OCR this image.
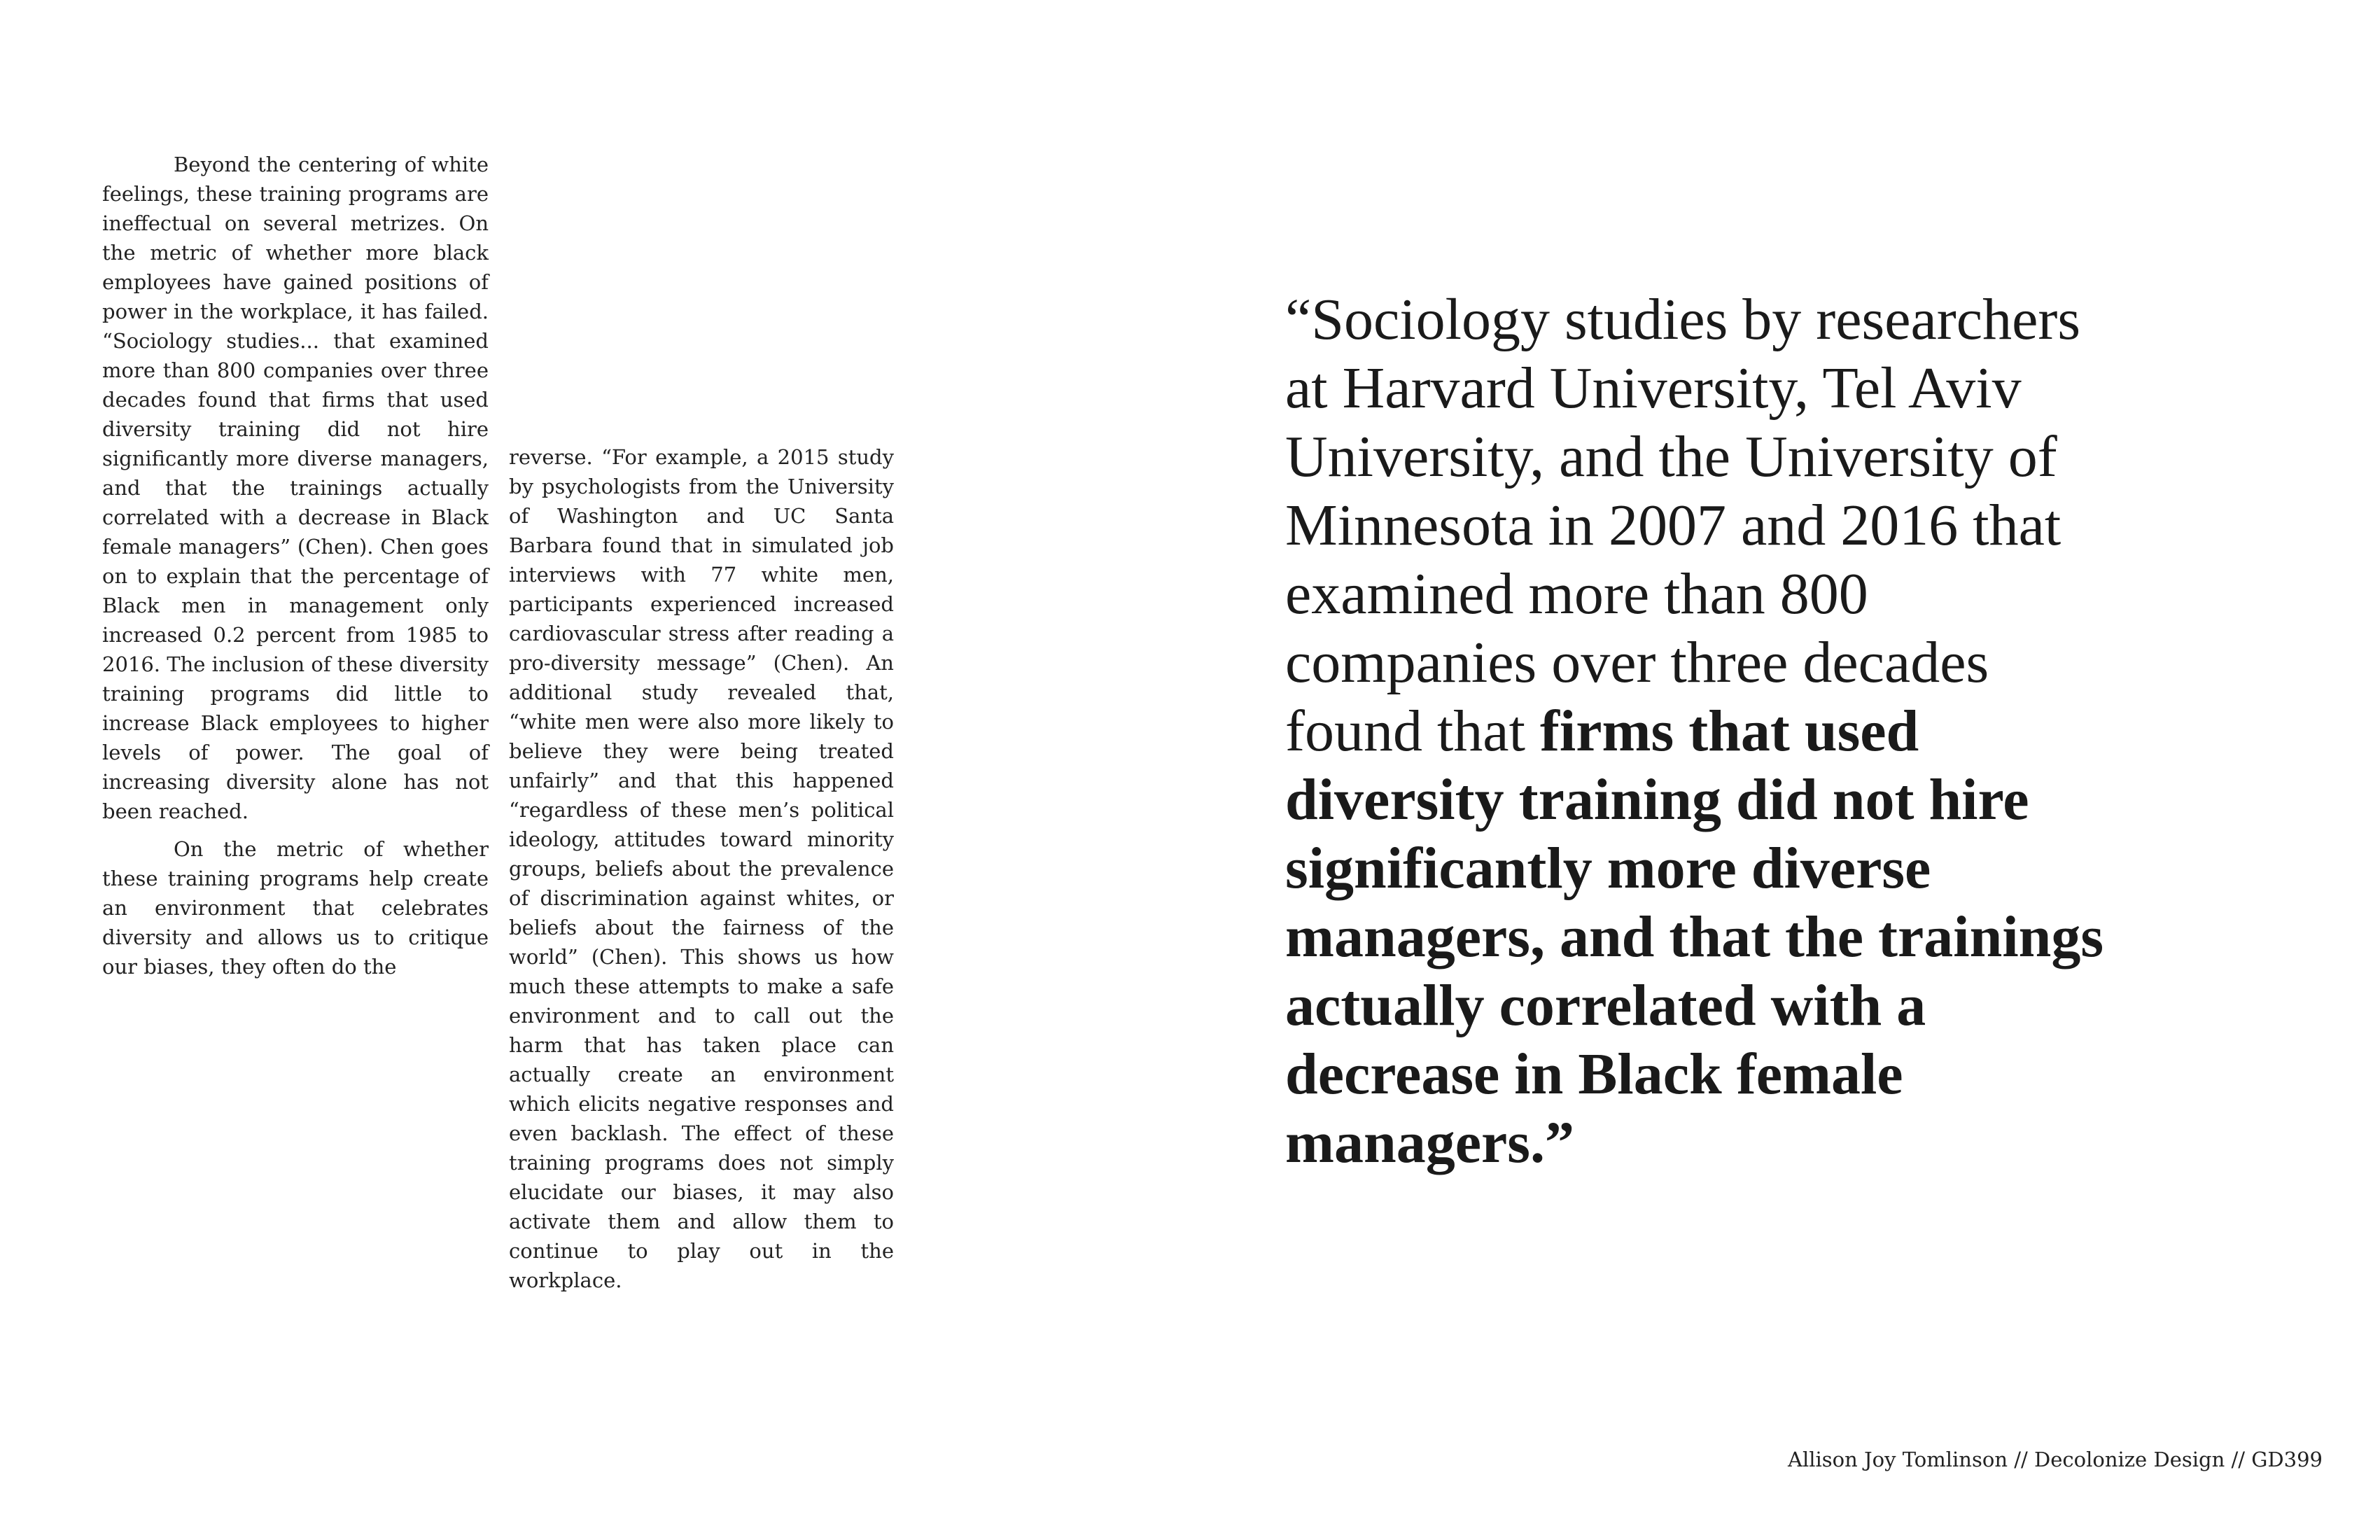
Beyond the centering of white feelings, these training programs are ineffectual on several metrizes. On the metric of whether more black employees have gained positions of power in the workplace, it has failed. “Sociology studies... that examined more than 800 companies over three decades found that firms that used diversity training did not hire significantly more diverse managers, and that the trainings actually correlated with a decrease in Black female managers” (Chen). Chen goes on to explain that the percentage of Black men in management only increased 0.2 percent from 1985 to 2016. The inclusion of these diversity training programs did little to increase Black employees to higher levels of power. The goal of increasing diversity alone has not been reached.

On the metric of whether these training programs help create an environment that celebrates diversity and allows us to critique our biases, they often do the

reverse. “For example, a 2015 study by psychologists from the University of Washington and UC Santa Barbara found that in simulated job interviews with 77 white men, participants experienced increased cardiovascular stress after reading a pro-diversity message” (Chen). An additional study revealed that, “white men were also more likely to believe they were being treated unfairly” and that this happened “regardless of these men’s political ideology, attitudes toward minority groups, beliefs about the prevalence of discrimination against whites, or beliefs about the fairness of the world” (Chen). This shows us how much these attempts to make a safe environment and to call out the harm that has taken place can actually create an environment which elicits negative responses and even backlash. The effect of these training programs does not simply elucidate our biases, it may also activate them and allow them to continue to play out in the workplace.

“Sociology studies by researchers at Harvard University, Tel Aviv University, and the University of Minnesota in 2007 and 2016 that examined more than 800 companies over three decades found that firms that used diversity training did not hire significantly more diverse managers, and that the trainings actually correlated with a decrease in Black female managers.”
Allison Joy Tomlinson // Decolonize Design // GD399
